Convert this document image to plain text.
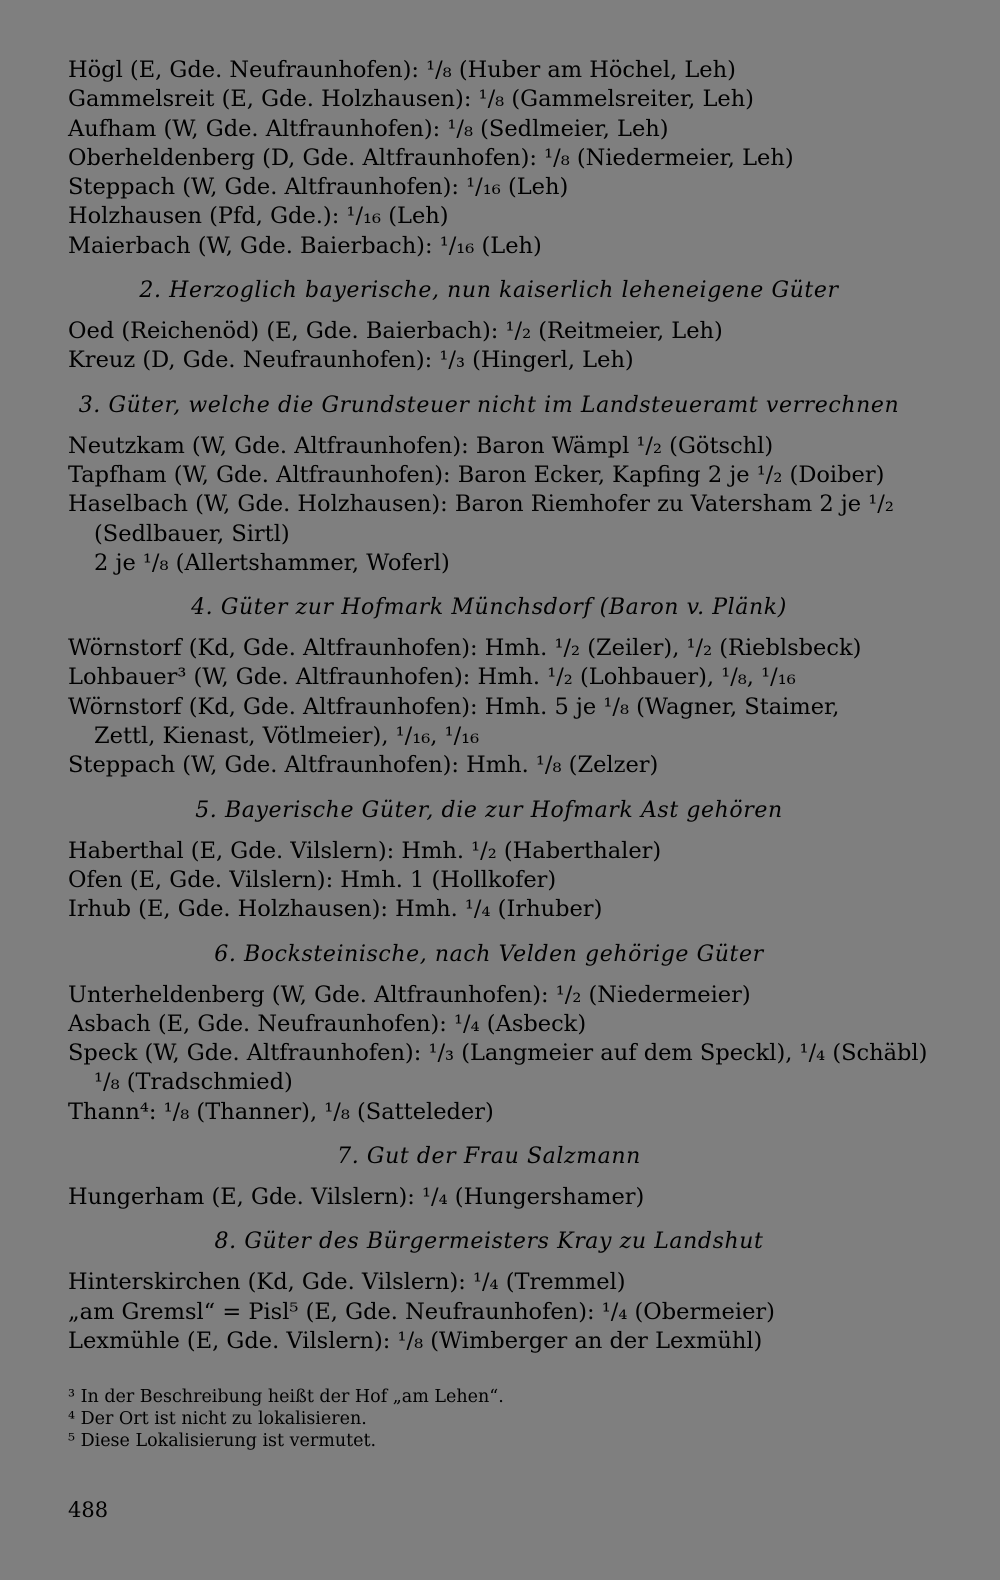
Högl (E, Gde. Neufraunhofen): ¹/₈ (Huber am Höchel, Leh)
Gammelsreit (E, Gde. Holzhausen): ¹/₈ (Gammelsreiter, Leh)
Aufham (W, Gde. Altfraunhofen): ¹/₈ (Sedlmeier, Leh)
Oberheldenberg (D, Gde. Altfraunhofen): ¹/₈ (Niedermeier, Leh)
Steppach (W, Gde. Altfraunhofen): ¹/₁₆ (Leh)
Holzhausen (Pfd, Gde.): ¹/₁₆ (Leh)
Maierbach (W, Gde. Baierbach): ¹/₁₆ (Leh)
2. Herzoglich bayerische, nun kaiserlich leheneigene Güter
Oed (Reichenöd) (E, Gde. Baierbach): ¹/₂ (Reitmeier, Leh)
Kreuz (D, Gde. Neufraunhofen): ¹/₃ (Hingerl, Leh)
3. Güter, welche die Grundsteuer nicht im Landsteueramt verrechnen
Neutzkam (W, Gde. Altfraunhofen): Baron Wämpl ¹/₂ (Götschl)
Tapfham (W, Gde. Altfraunhofen): Baron Ecker, Kapfing 2 je ¹/₂ (Doiber)
Haselbach (W, Gde. Holzhausen): Baron Riemhofer zu Vatersham 2 je ¹/₂
(Sedlbauer, Sirtl)
2 je ¹/₈ (Allertshammer, Woferl)
4. Güter zur Hofmark Münchsdorf (Baron v. Plänk)
Wörnstorf (Kd, Gde. Altfraunhofen): Hmh. ¹/₂ (Zeiler), ¹/₂ (Rieblsbeck)
Lohbauer³ (W, Gde. Altfraunhofen): Hmh. ¹/₂ (Lohbauer), ¹/₈, ¹/₁₆
Wörnstorf (Kd, Gde. Altfraunhofen): Hmh. 5 je ¹/₈ (Wagner, Staimer,
Zettl, Kienast, Vötlmeier), ¹/₁₆, ¹/₁₆
Steppach (W, Gde. Altfraunhofen): Hmh. ¹/₈ (Zelzer)
5. Bayerische Güter, die zur Hofmark Ast gehören
Haberthal (E, Gde. Vilslern): Hmh. ¹/₂ (Haberthaler)
Ofen (E, Gde. Vilslern): Hmh. 1 (Hollkofer)
Irhub (E, Gde. Holzhausen): Hmh. ¹/₄ (Irhuber)
6. Bocksteinische, nach Velden gehörige Güter
Unterheldenberg (W, Gde. Altfraunhofen): ¹/₂ (Niedermeier)
Asbach (E, Gde. Neufraunhofen): ¹/₄ (Asbeck)
Speck (W, Gde. Altfraunhofen): ¹/₃ (Langmeier auf dem Speckl), ¹/₄ (Schäbl)
¹/₈ (Tradschmied)
Thann⁴: ¹/₈ (Thanner), ¹/₈ (Satteleder)
7. Gut der Frau Salzmann
Hungerham (E, Gde. Vilslern): ¹/₄ (Hungershamer)
8. Güter des Bürgermeisters Kray zu Landshut
Hinterskirchen (Kd, Gde. Vilslern): ¹/₄ (Tremmel)
„am Gremsl“ = Pisl⁵ (E, Gde. Neufraunhofen): ¹/₄ (Obermeier)
Lexmühle (E, Gde. Vilslern): ¹/₈ (Wimberger an der Lexmühl)
³ In der Beschreibung heißt der Hof „am Lehen“.
⁴ Der Ort ist nicht zu lokalisieren.
⁵ Diese Lokalisierung ist vermutet.
488
